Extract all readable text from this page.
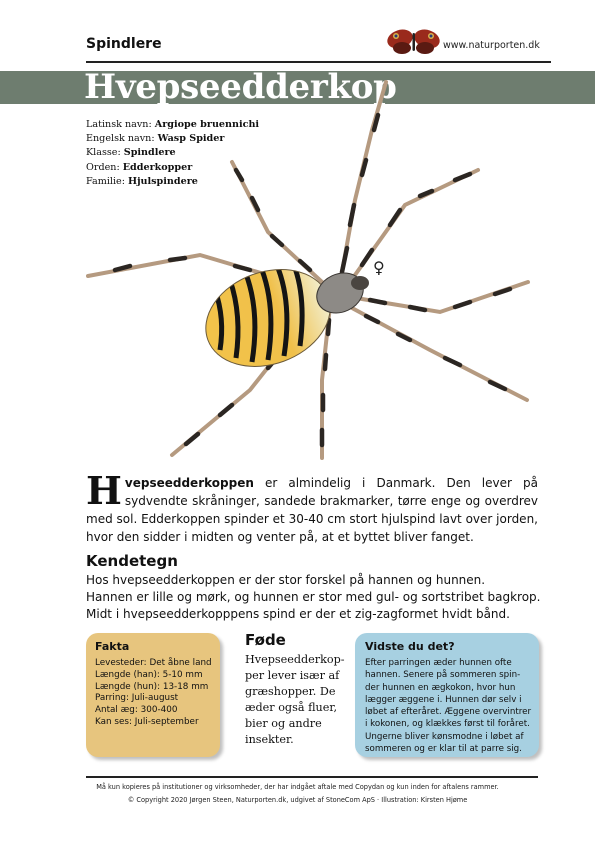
Spindlere	www.naturporten.dk
Hvepseedderkop
♀
Latinsk navn: Argiope bruennichi
Engelsk navn: Wasp Spider
Klasse: Spindlere
Orden: Edderkopper
Familie: Hjulspindere
Hvepseedderkoppen er almindelig i Danmark. Den lever på sydvendte skråninger, sandede brakmarker, tørre enge og overdrev med sol. Edderkoppen spinder et 30-40 cm stort hjulspind lavt over jorden, hvor den sidder i midten og venter på, at et byttet bliver fanget.
Kendetegn
Hos hvepseedderkoppen er der stor forskel på hannen og hunnen.
Hannen er lille og mørk, og hunnen er stor med gul- og sortstribet bagkrop.
Midt i hvepseedderkopppens spind er der et zig-zagformet hvidt bånd.
Fakta
Levesteder: Det åbne land
Længde (han): 5-10 mm
Længde (hun): 13-18 mm
Parring: Juli-august
Antal æg: 300-400
Kan ses: Juli-september
Føde
Hvepseedderkop-
per lever især af
græshopper. De
æder også fluer,
bier og andre
insekter.
Vidste du det?
Efter parringen æder hunnen ofte
hannen. Senere på sommeren spin-
der hunnen en ægkokon, hvor hun
lægger æggene i. Hunnen dør selv i
løbet af efteråret. Æggene overvintrer
i kokonen, og klækkes først til foråret.
Ungerne bliver kønsmodne i løbet af
sommeren og er klar til at parre sig.
Må kun kopieres på institutioner og virksomheder, der har indgået aftale med Copydan og kun inden for aftalens rammer.
© Copyright 2020 Jørgen Steen, Naturporten.dk, udgivet af StoneCom ApS · Illustration: Kirsten Hjøme
